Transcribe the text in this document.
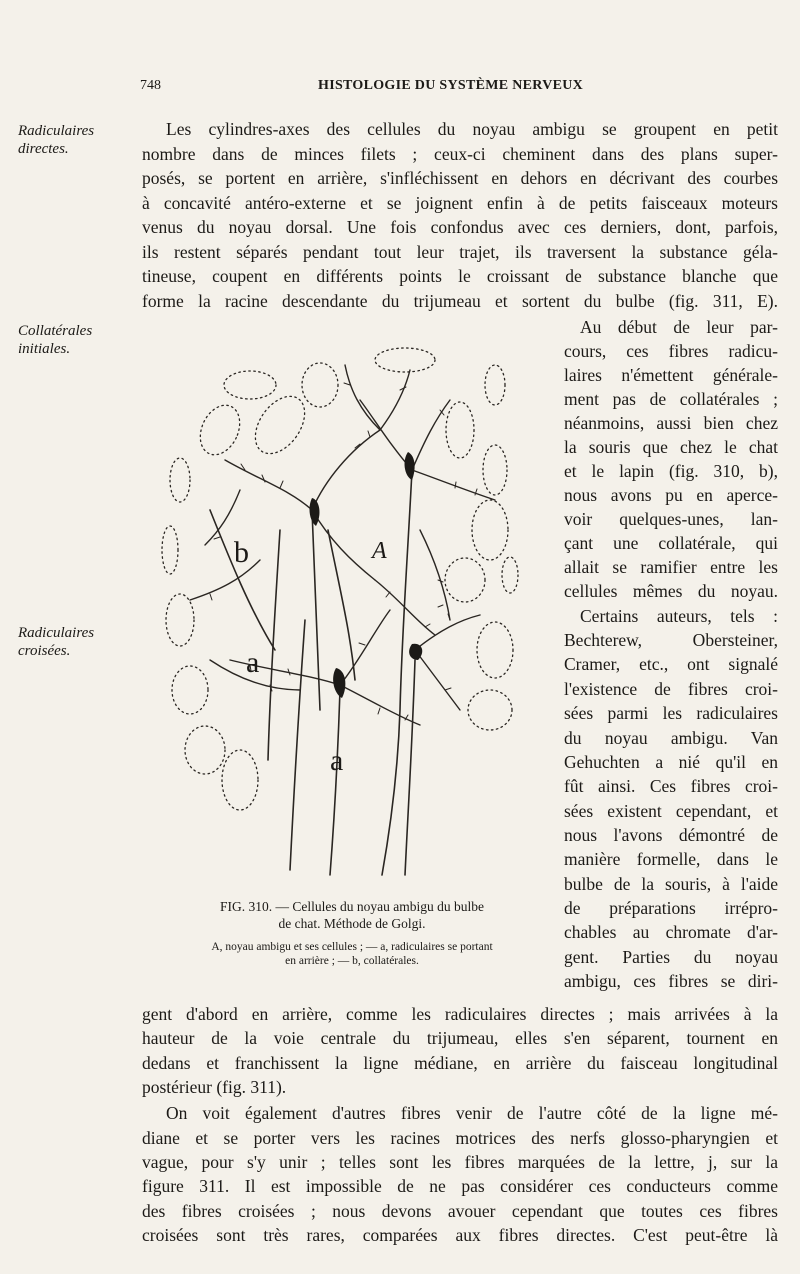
748	HISTOLOGIE DU SYSTÈME NERVEUX
Radiculaires
directes.
Collatérales
initiales.
Radiculaires
croisées.
Les cylindres-axes des cellules du noyau ambigu se groupent en petit
nombre dans de minces filets ; ceux-ci cheminent dans des plans super-
posés, se portent en arrière, s'infléchissent en dehors en décrivant des courbes
à concavité antéro-externe et se joignent enfin à de petits faisceaux moteurs
venus du noyau dorsal. Une fois confondus avec ces derniers, dont, parfois,
ils restent séparés pendant tout leur trajet, ils traversent la substance géla-
tineuse, coupent en différents points le croissant de substance blanche que
forme la racine descendante du trijumeau et sortent du bulbe (fig. 311, E).
Au début de leur par-
cours, ces fibres radicu-
laires n'émettent générale-
ment pas de collatérales ;
néanmoins, aussi bien chez
la souris que chez le chat
et le lapin (fig. 310, b),
nous avons pu en aperce-
voir quelques-unes, lan-
çant une collatérale, qui
allait se ramifier entre les
cellules mêmes du noyau.
Certains auteurs, tels :
Bechterew, Obersteiner,
Cramer, etc., ont signalé
l'existence de fibres croi-
sées parmi les radiculaires
du noyau ambigu. Van
Gehuchten a nié qu'il en
fût ainsi. Ces fibres croi-
sées existent cependant, et
nous l'avons démontré de
manière formelle, dans le
bulbe de la souris, à l'aide
de préparations irrépro-
chables au chromate d'ar-
gent. Parties du noyau
ambigu, ces fibres se diri-
b	A
a
a
FIG. 310. — Cellules du noyau ambigu du bulbe
de chat. Méthode de Golgi.
A, noyau ambigu et ses cellules ; — a, radiculaires se portant
en arrière ; — b, collatérales.
gent d'abord en arrière, comme les radiculaires directes ; mais arrivées à la
hauteur de la voie centrale du trijumeau, elles s'en séparent, tournent en
dedans et franchissent la ligne médiane, en arrière du faisceau longitudinal
postérieur (fig. 311).
On voit également d'autres fibres venir de l'autre côté de la ligne mé-
diane et se porter vers les racines motrices des nerfs glosso-pharyngien et
vague, pour s'y unir ; telles sont les fibres marquées de la lettre, j, sur la
figure 311. Il est impossible de ne pas considérer ces conducteurs comme
des fibres croisées ; nous devons avouer cependant que toutes ces fibres
croisées sont très rares, comparées aux fibres directes. C'est peut-être là
